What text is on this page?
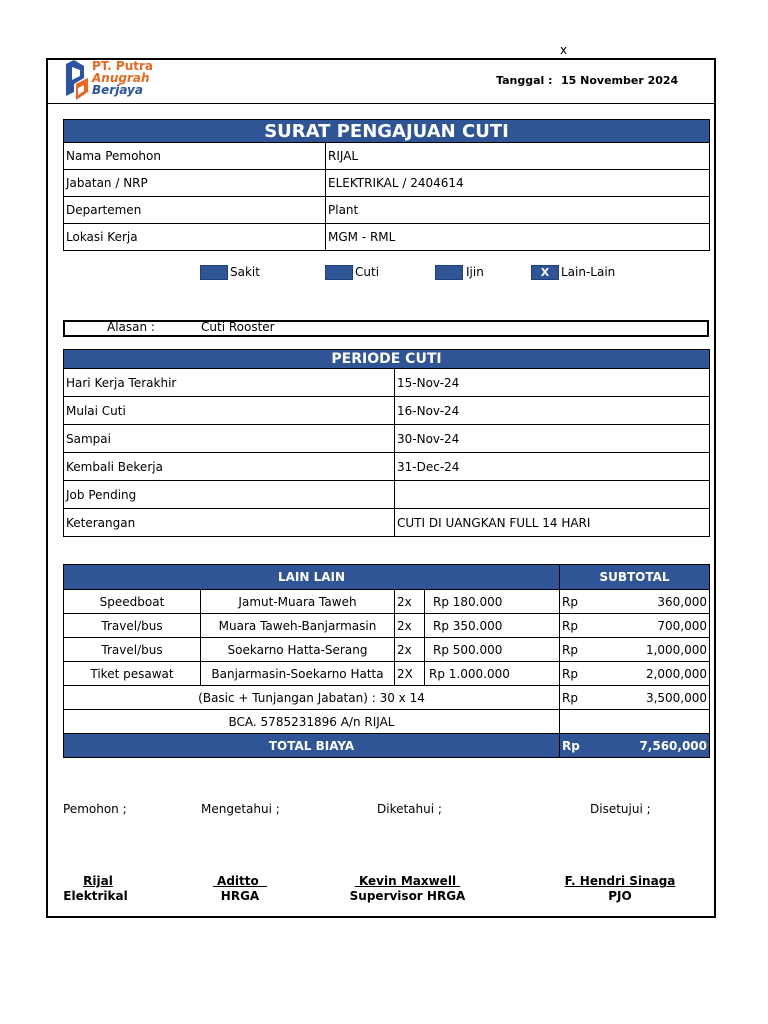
x
PT. Putra
Anugrah
Berjaya
Tanggal : 15 November 2024
SURAT PENGAJUAN CUTI	
Nama Pemohon	RIJAL
Jabatan / NRP	ELEKTRIKAL / 2404614
Departemen	Plant
Lokasi Kerja	MGM - RML
Sakit	Cuti	Ijin	X Lain-Lain
Alasan :	Cuti Rooster
PERIODE CUTI	
Hari Kerja Terakhir	15-Nov-24
Mulai Cuti	16-Nov-24
Sampai	30-Nov-24
Kembali Bekerja	31-Dec-24
Job Pending	
Keterangan	CUTI DI UANGKAN FULL 14 HARI
LAIN LAIN				SUBTOTAL	
Speedboat	Jamut-Muara Taweh	2x	Rp 180.000	Rp	360,000
Travel/bus	Muara Taweh-Banjarmasin	2x	Rp 350.000	Rp	700,000
Travel/bus	Soekarno Hatta-Serang	2x	Rp 500.000	Rp	1,000,000
Tiket pesawat	Banjarmasin-Soekarno Hatta	2X	Rp 1.000.000	Rp	2,000,000
(Basic + Tunjangan Jabatan) : 30 x 14				Rp	3,500,000
BCA. 5785231896 A/n RIJAL					
TOTAL BIAYA				Rp	7,560,000
Pemohon ;	Mengetahui ;	Diketahui ;	Disetujui ;
Rijal
Elektrikal
Aditto
HRGA
Kevin Maxwell
Supervisor HRGA
F. Hendri Sinaga
PJO
